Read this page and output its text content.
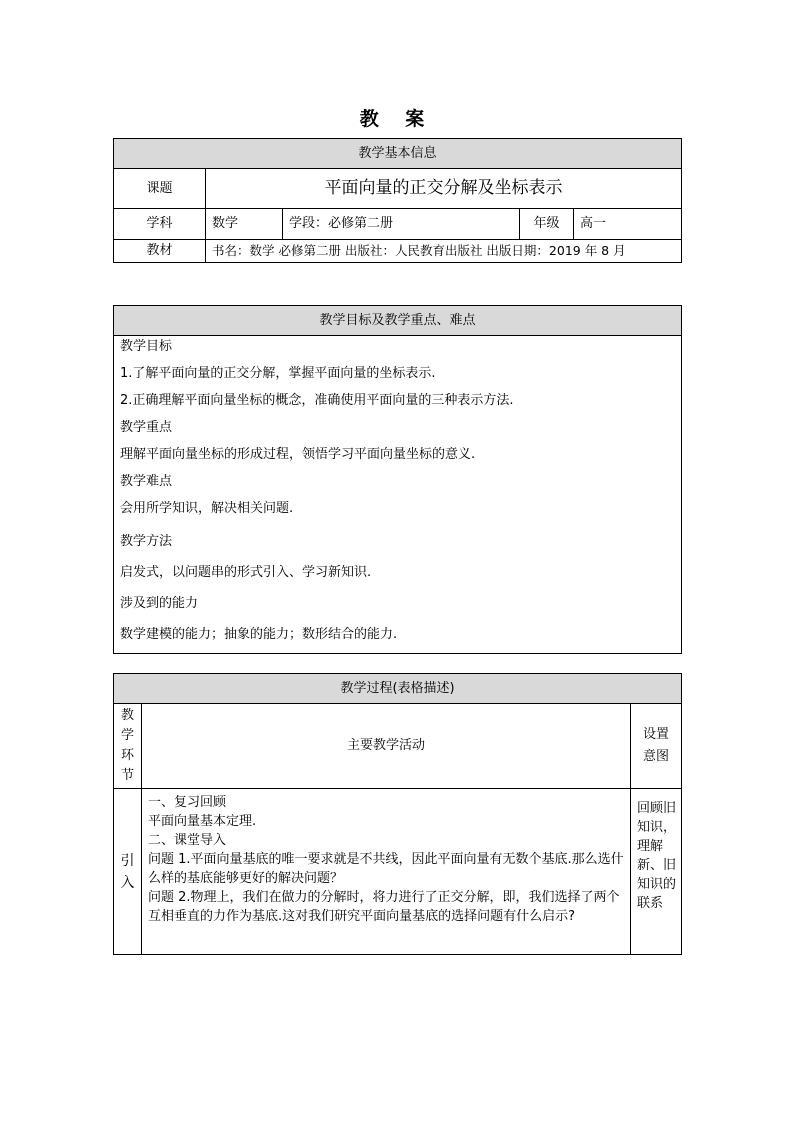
教 案
教学基本信息				
课题	平面向量的正交分解及坐标表示			
学科	数学	学段：必修第二册	年级	高一
教材	书名：数学 必修第二册 出版社：人民教育出版社 出版日期：2019 年 8 月			
教学目标及教学重点、难点

教学目标
1.了解平面向量的正交分解，掌握平面向量的坐标表示.
2.正确理解平面向量坐标的概念，准确使用平面向量的三种表示方法.
教学重点
理解平面向量坐标的形成过程，领悟学习平面向量坐标的意义.
教学难点
会用所学知识，解决相关问题.
教学方法
启发式，以问题串的形式引入、学习新知识.
涉及到的能力
数学建模的能力；抽象的能力；数形结合的能力.
教学过程(表格描述)		
教学环节	主要教学活动	设置意图
引入	一、复习回顾
平面向量基本定理.
二、课堂导入
问题 1.平面向量基底的唯一要求就是不共线，因此平面向量有无数个基底.那么选什么样的基底能够更好的解决问题？
问题 2.物理上，我们在做力的分解时，将力进行了正交分解，即，我们选择了两个互相垂直的力作为基底.这对我们研究平面向量基底的选择问题有什么启示?	回顾旧知识，理解新、旧知识的联系
